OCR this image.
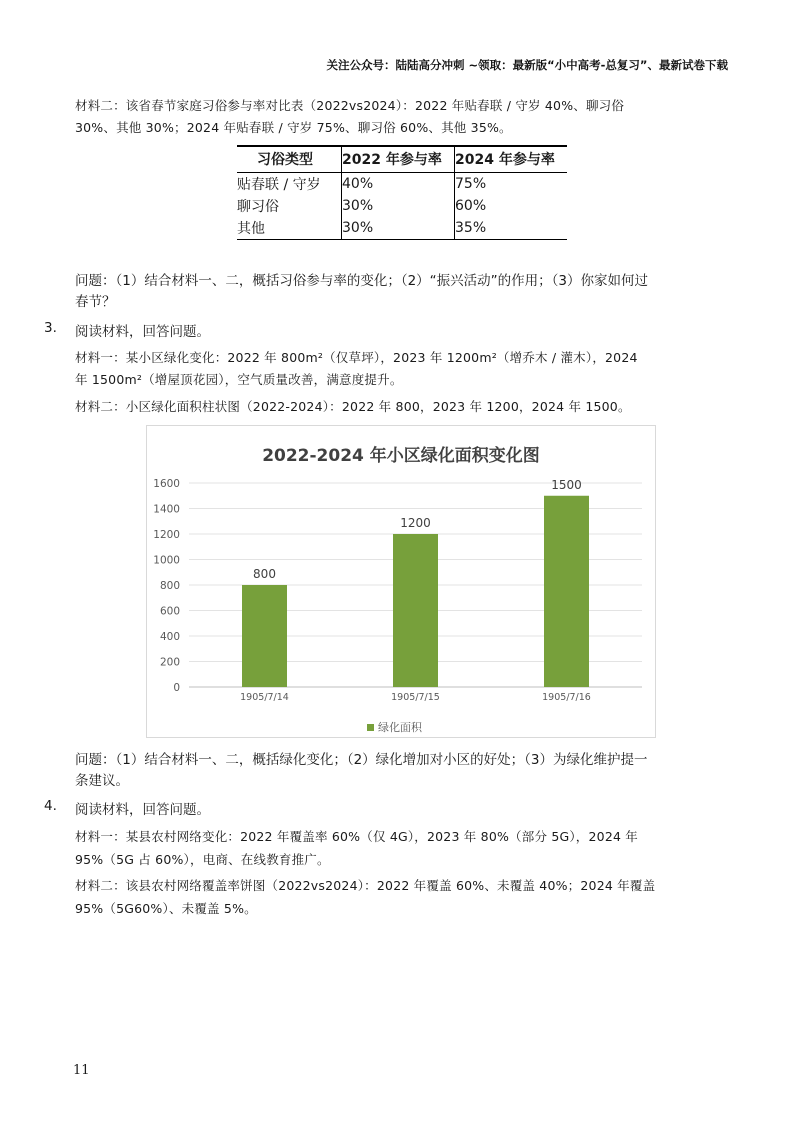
关注公众号：陆陆高分冲刺 ~领取：最新版“小中高考-总复习”、最新试卷下载
材料二：该省春节家庭习俗参与率对比表（2022vs2024）：2022 年贴春联 / 守岁 40%、聊习俗
30%、其他 30%；2024 年贴春联 / 守岁 75%、聊习俗 60%、其他 35%。
习俗类型	2022 年参与率	2024 年参与率
贴春联 / 守岁	40%	75%
聊习俗	30%	60%
其他	30%	35%
问题：（1）结合材料一、二，概括习俗参与率的变化；（2）“振兴活动”的作用；（3）你家如何过
春节？
3. 阅读材料，回答问题。
材料一：某小区绿化变化：2022 年 800m²（仅草坪），2023 年 1200m²（增乔木 / 灌木），2024
年 1500m²（增屋顶花园），空气质量改善，满意度提升。
材料二：小区绿化面积柱状图（2022-2024）：2022 年 800，2023 年 1200，2024 年 1500。
2022-2024 年小区绿化面积变化图
0
200
400
600
800
1000
1200
1400
1600
1905/7/14	1905/7/15	1905/7/16
800
1200
1500
绿化面积
问题：（1）结合材料一、二，概括绿化变化；（2）绿化增加对小区的好处；（3）为绿化维护提一
条建议。
4. 阅读材料，回答问题。
材料一：某县农村网络变化：2022 年覆盖率 60%（仅 4G），2023 年 80%（部分 5G），2024 年
95%（5G 占 60%），电商、在线教育推广。
材料二：该县农村网络覆盖率饼图（2022vs2024）：2022 年覆盖 60%、未覆盖 40%；2024 年覆盖
95%（5G60%）、未覆盖 5%。
11
